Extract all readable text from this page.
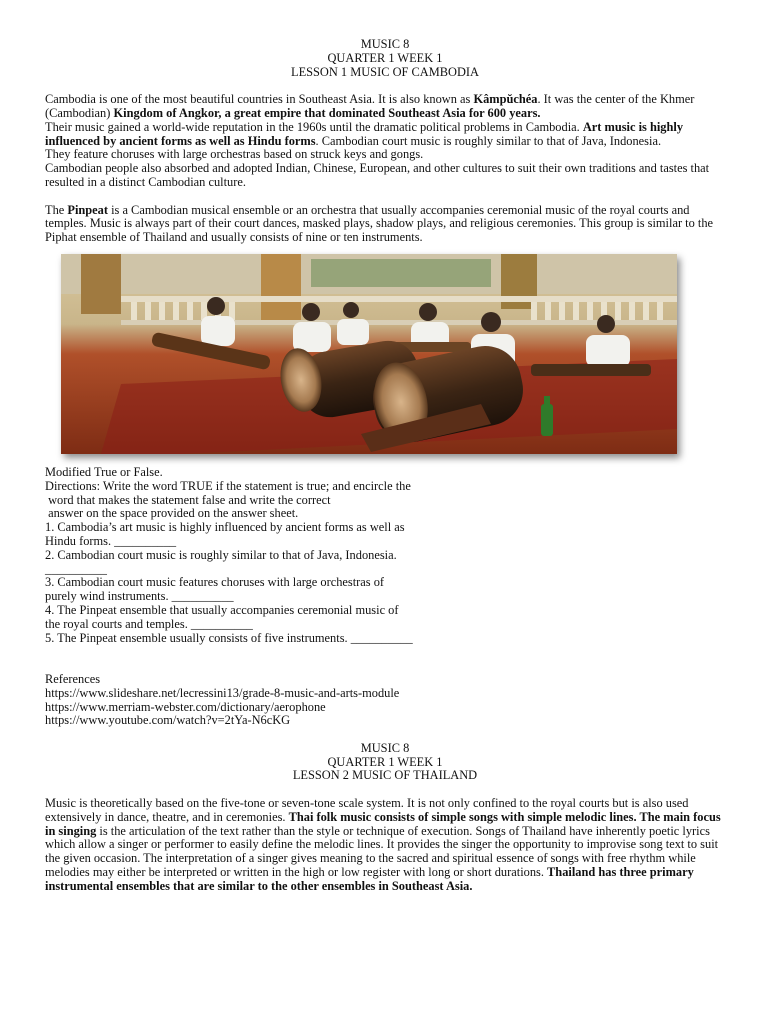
MUSIC 8

QUARTER 1 WEEK 1

LESSON 1 MUSIC OF CAMBODIA

Cambodia is one of the most beautiful countries in Southeast Asia. It is also known as Kâmpŭchéa. It was the center of the Khmer (Cambodian) Kingdom of Angkor, a great empire that dominated Southeast Asia for 600 years.

Their music gained a world-wide reputation in the 1960s until the dramatic political problems in Cambodia. Art music is highly influenced by ancient forms as well as Hindu forms. Cambodian court music is roughly similar to that of Java, Indonesia.

They feature choruses with large orchestras based on struck keys and gongs.

Cambodian people also absorbed and adopted Indian, Chinese, European, and other cultures to suit their own traditions and tastes that resulted in a distinct Cambodian culture.

The Pinpeat is a Cambodian musical ensemble or an orchestra that usually accompanies ceremonial music of the royal courts and temples. Music is always part of their court dances, masked plays, shadow plays, and religious ceremonies. This group is similar to the Piphat ensemble of Thailand and usually consists of nine or ten instruments.

Modified True or False.

Directions: Write the word TRUE if the statement is true; and encircle the

word that makes the statement false and write the correct

answer on the space provided on the answer sheet.

1. Cambodia’s art music is highly influenced by ancient forms as well as

Hindu forms. __________

2. Cambodian court music is roughly similar to that of Java, Indonesia.

__________

3. Cambodian court music features choruses with large orchestras of

purely wind instruments. __________

4. The Pinpeat ensemble that usually accompanies ceremonial music of

the royal courts and temples. __________

5. The Pinpeat ensemble usually consists of five instruments. __________

References

https://www.slideshare.net/lecressini13/grade-8-music-and-arts-module

https://www.merriam-webster.com/dictionary/aerophone

https://www.youtube.com/watch?v=2tYa-N6cKG

MUSIC 8

QUARTER 1 WEEK 1

LESSON 2 MUSIC OF THAILAND

Music is theoretically based on the five-tone or seven-tone scale system. It is not only confined to the royal courts but is also used extensively in dance, theatre, and in ceremonies. Thai folk music consists of simple songs with simple melodic lines. The main focus in singing is the articulation of the text rather than the style or technique of execution. Songs of Thailand have inherently poetic lyrics which allow a singer or performer to easily define the melodic lines. It provides the singer the opportunity to improvise song text to suit the given occasion. The interpretation of a singer gives meaning to the sacred and spiritual essence of songs with free rhythm while melodies may either be interpreted or written in the high or low register with long or short durations. Thailand has three primary instrumental ensembles that are similar to the other ensembles in Southeast Asia.
